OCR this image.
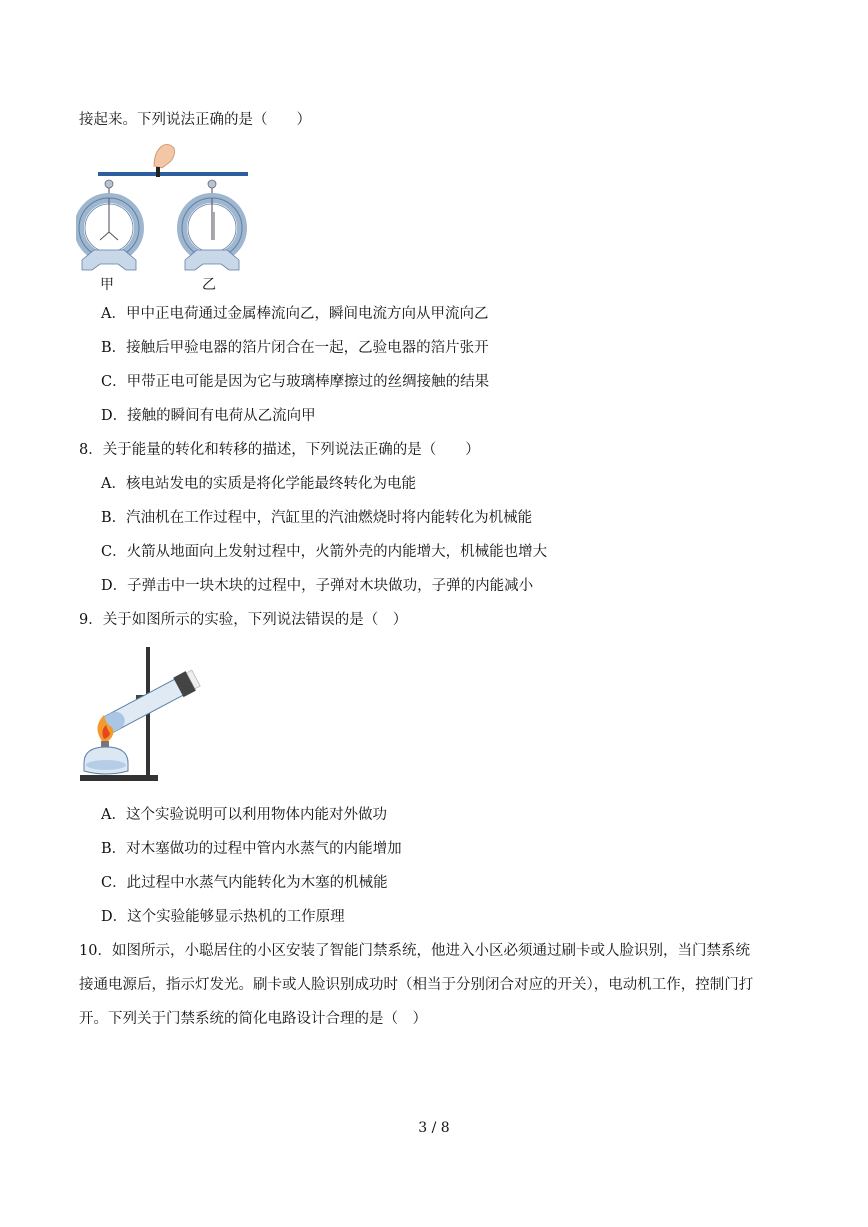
接起来。下列说法正确的是（　　）
甲	乙
A．甲中正电荷通过金属棒流向乙，瞬间电流方向从甲流向乙
B．接触后甲验电器的箔片闭合在一起，乙验电器的箔片张开
C．甲带正电可能是因为它与玻璃棒摩擦过的丝绸接触的结果
D．接触的瞬间有电荷从乙流向甲
8．关于能量的转化和转移的描述，下列说法正确的是（　　）
A．核电站发电的实质是将化学能最终转化为电能
B．汽油机在工作过程中，汽缸里的汽油燃烧时将内能转化为机械能
C．火箭从地面向上发射过程中，火箭外壳的内能增大，机械能也增大
D．子弹击中一块木块的过程中，子弹对木块做功，子弹的内能减小
9．关于如图所示的实验，下列说法错误的是（　）
A．这个实验说明可以利用物体内能对外做功
B．对木塞做功的过程中管内水蒸气的内能增加
C．此过程中水蒸气内能转化为木塞的机械能
D．这个实验能够显示热机的工作原理
10．如图所示，小聪居住的小区安装了智能门禁系统，他进入小区必须通过刷卡或人脸识别，当门禁系统
接通电源后，指示灯发光。刷卡或人脸识别成功时（相当于分别闭合对应的开关），电动机工作，控制门打
开。下列关于门禁系统的简化电路设计合理的是（　）
3 / 8
